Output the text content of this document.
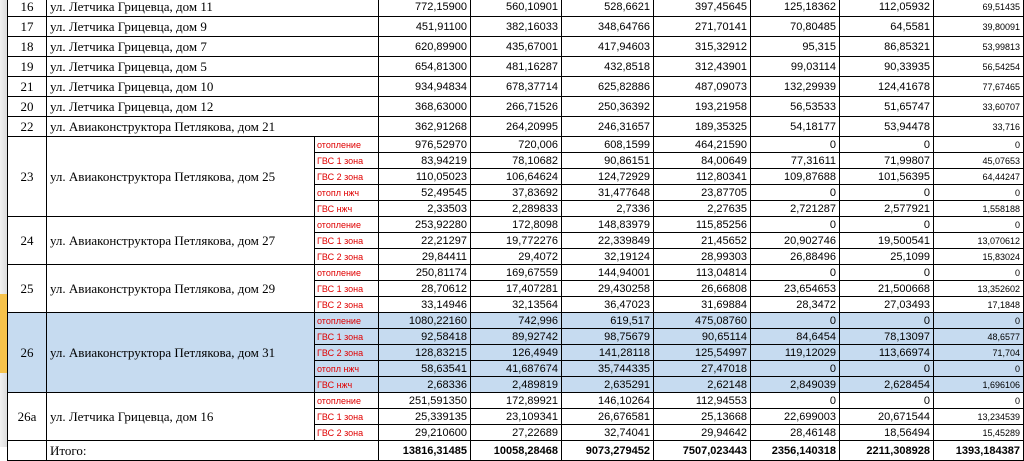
16	ул. Летчика Грицевца, дом 11		772,15900	560,10901	528,6621	397,45645	125,18362	112,05932	69,51435
17	ул. Летчика Грицевца, дом 9		451,91100	382,16033	348,64766	271,70141	70,80485	64,5581	39,80091
18	ул. Летчика Грицевца, дом 7		620,89900	435,67001	417,94603	315,32912	95,315	86,85321	53,99813
19	ул. Летчика Грицевца, дом 5		654,81300	481,16287	432,8518	312,43901	99,03114	90,33935	56,54254
21	ул. Летчика Грицевца, дом 10		934,94834	678,37714	625,82886	487,09073	132,29939	124,41678	77,67465
20	ул. Летчика Грицевца, дом 12		368,63000	266,71526	250,36392	193,21958	56,53533	51,65747	33,60707
22	ул. Авиаконструктора Петлякова, дом 21		362,91268	264,20995	246,31657	189,35325	54,18177	53,94478	33,716
23	ул. Авиаконструктора Петлякова, дом 25	отопление	976,52970	720,006	608,1599	464,21590	0	0	0
		ГВС 1 зона	83,94219	78,10682	90,86151	84,00649	77,31611	71,99807	45,07653
		ГВС 2 зона	110,05023	106,64624	124,72929	112,80341	109,87688	101,56395	64,44247
		отопл нжч	52,49545	37,83692	31,477648	23,87705	0	0	0
		ГВС нжч	2,33503	2,289833	2,7336	2,27635	2,721287	2,577921	1,558188
24	ул. Авиаконструктора Петлякова, дом 27	отопление	253,92280	172,8098	148,83979	115,85256	0	0	0
		ГВС 1 зона	22,21297	19,772276	22,339849	21,45652	20,902746	19,500541	13,070612
		ГВС 2 зона	29,84411	29,4072	32,19124	28,99303	26,88496	25,1099	15,83024
25	ул. Авиаконструктора Петлякова, дом 29	отопление	250,81174	169,67559	144,94001	113,04814	0	0	0
		ГВС 1 зона	28,70612	17,407281	29,430258	26,66808	23,654653	21,500668	13,352602
		ГВС 2 зона	33,14946	32,13564	36,47023	31,69884	28,3472	27,03493	17,1848
26	ул. Авиаконструктора Петлякова, дом 31	отопление	1080,22160	742,996	619,517	475,08760	0	0	0
		ГВС 1 зона	92,58418	89,92742	98,75679	90,65114	84,6454	78,13097	48,6577
		ГВС 2 зона	128,83215	126,4949	141,28118	125,54997	119,12029	113,66974	71,704
		отопл нжч	58,63541	41,687674	35,744335	27,47018	0	0	0
		ГВС нжч	2,68336	2,489819	2,635291	2,62148	2,849039	2,628454	1,696106
26а	ул. Летчика Грицевца, дом 16	отопление	251,591350	172,89921	146,10264	112,94553	0	0	0
		ГВС 1 зона	25,339135	23,109341	26,676581	25,13668	22,699003	20,671544	13,234539
		ГВС 2 зона	29,210600	27,22689	32,74041	29,94642	28,46148	18,56494	15,45289
	Итого:		13816,31485	10058,28468	9073,279452	7507,023443	2356,140318	2211,308928	1393,184387
